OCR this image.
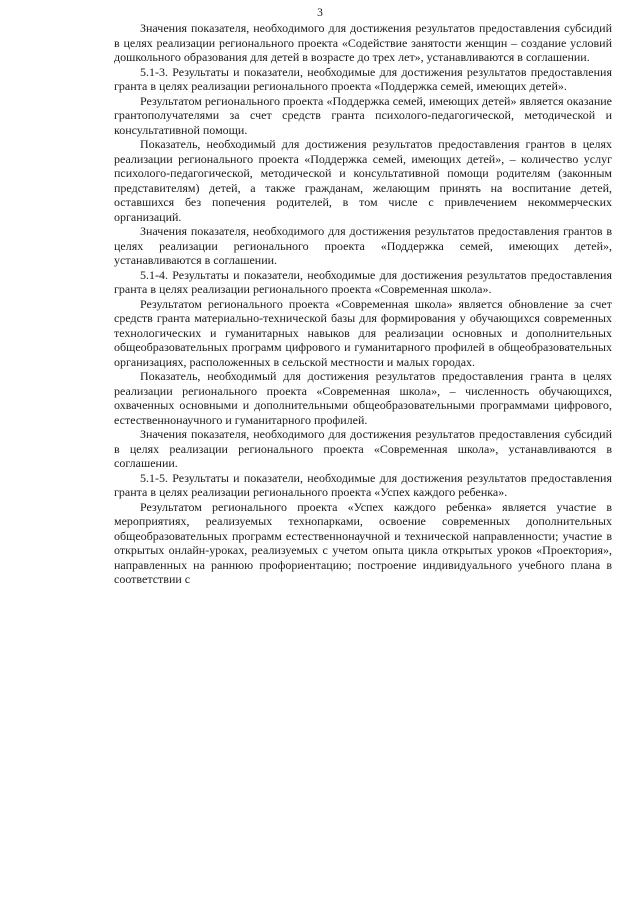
3

Значения показателя, необходимого для достижения результатов предоставления субсидий в целях реализации регионального проекта «Содействие занятости женщин – создание условий дошкольного образования для детей в возрасте до трех лет», устанавливаются в соглашении.

5.1-3. Результаты и показатели, необходимые для достижения результатов предоставления гранта в целях реализации регионального проекта «Поддержка семей, имеющих детей».

Результатом регионального проекта «Поддержка семей, имеющих детей» является оказание грантополучателями за счет средств гранта психолого-педагогической, методической и консультативной помощи.

Показатель, необходимый для достижения результатов предоставления грантов в целях реализации регионального проекта «Поддержка семей, имеющих детей», – количество услуг психолого-педагогической, методической и консультативной помощи родителям (законным представителям) детей, а также гражданам, желающим принять на воспитание детей, оставшихся без попечения родителей, в том числе с привлечением некоммерческих организаций.

Значения показателя, необходимого для достижения результатов предоставления грантов в целях реализации регионального проекта «Поддержка семей, имеющих детей», устанавливаются в соглашении.

5.1-4. Результаты и показатели, необходимые для достижения результатов предоставления гранта в целях реализации регионального проекта «Современная школа».

Результатом регионального проекта «Современная школа» является обновление за счет средств гранта материально-технической базы для формирования у обучающихся современных технологических и гуманитарных навыков для реализации основных и дополнительных общеобразовательных программ цифрового и гуманитарного профилей в общеобразовательных организациях, расположенных в сельской местности и малых городах.

Показатель, необходимый для достижения результатов предоставления гранта в целях реализации регионального проекта «Современная школа», – численность обучающихся, охваченных основными и дополнительными общеобразовательными программами цифрового, естественнонаучного и гуманитарного профилей.

Значения показателя, необходимого для достижения результатов предоставления субсидий в целях реализации регионального проекта «Современная школа», устанавливаются в соглашении.

5.1-5. Результаты и показатели, необходимые для достижения результатов предоставления гранта в целях реализации регионального проекта «Успех каждого ребенка».

Результатом регионального проекта «Успех каждого ребенка» является участие в мероприятиях, реализуемых технопарками, освоение современных дополнительных общеобразовательных программ естественнонаучной и технической направленности; участие в открытых онлайн-уроках, реализуемых с учетом опыта цикла открытых уроков «Проектория», направленных на раннюю профориентацию; построение индивидуального учебного плана в соответствии с
